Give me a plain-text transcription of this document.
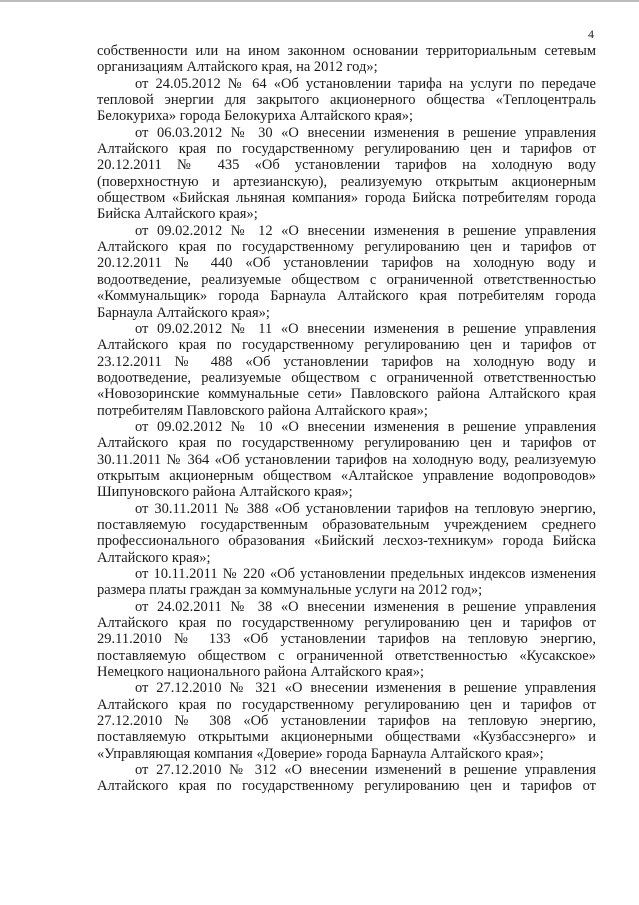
4
собственности или на ином законном основании территориальным сетевым
организациям Алтайского края, на 2012 год»;
от 24.05.2012 № 64 «Об установлении тарифа на услуги по передаче
тепловой энергии для закрытого акционерного общества «Теплоцентраль
Белокуриха» города Белокуриха Алтайского края»;
от 06.03.2012 № 30 «О внесении изменения в решение управления
Алтайского края по государственному регулированию цен и тарифов от
20.12.2011 № 435 «Об установлении тарифов на холодную воду
(поверхностную и артезианскую), реализуемую открытым акционерным
обществом «Бийская льняная компания» города Бийска потребителям города
Бийска Алтайского края»;
от 09.02.2012 № 12 «О внесении изменения в решение управления
Алтайского края по государственному регулированию цен и тарифов от
20.12.2011 № 440 «Об установлении тарифов на холодную воду и
водоотведение, реализуемые обществом с ограниченной ответственностью
«Коммунальщик» города Барнаула Алтайского края потребителям города
Барнаула Алтайского края»;
от 09.02.2012 № 11 «О внесении изменения в решение управления
Алтайского края по государственному регулированию цен и тарифов от
23.12.2011 № 488 «Об установлении тарифов на холодную воду и
водоотведение, реализуемые обществом с ограниченной ответственностью
«Новозоринские коммунальные сети» Павловского района Алтайского края
потребителям Павловского района Алтайского края»;
от 09.02.2012 № 10 «О внесении изменения в решение управления
Алтайского края по государственному регулированию цен и тарифов от
30.11.2011 № 364 «Об установлении тарифов на холодную воду, реализуемую
открытым акционерным обществом «Алтайское управление водопроводов»
Шипуновского района Алтайского края»;
от 30.11.2011 № 388 «Об установлении тарифов на тепловую энергию,
поставляемую государственным образовательным учреждением среднего
профессионального образования «Бийский лесхоз-техникум» города Бийска
Алтайского края»;
от 10.11.2011 № 220 «Об установлении предельных индексов изменения
размера платы граждан за коммунальные услуги на 2012 год»;
от 24.02.2011 № 38 «О внесении изменения в решение управления
Алтайского края по государственному регулированию цен и тарифов от
29.11.2010 № 133 «Об установлении тарифов на тепловую энергию,
поставляемую обществом с ограниченной ответственностью «Кусакское»
Немецкого национального района Алтайского края»;
от 27.12.2010 № 321 «О внесении изменения в решение управления
Алтайского края по государственному регулированию цен и тарифов от
27.12.2010 № 308 «Об установлении тарифов на тепловую энергию,
поставляемую открытыми акционерными обществами «Кузбассэнерго» и
«Управляющая компания «Доверие» города Барнаула Алтайского края»;
от 27.12.2010 № 312 «О внесении изменений в решение управления
Алтайского края по государственному регулированию цен и тарифов от
